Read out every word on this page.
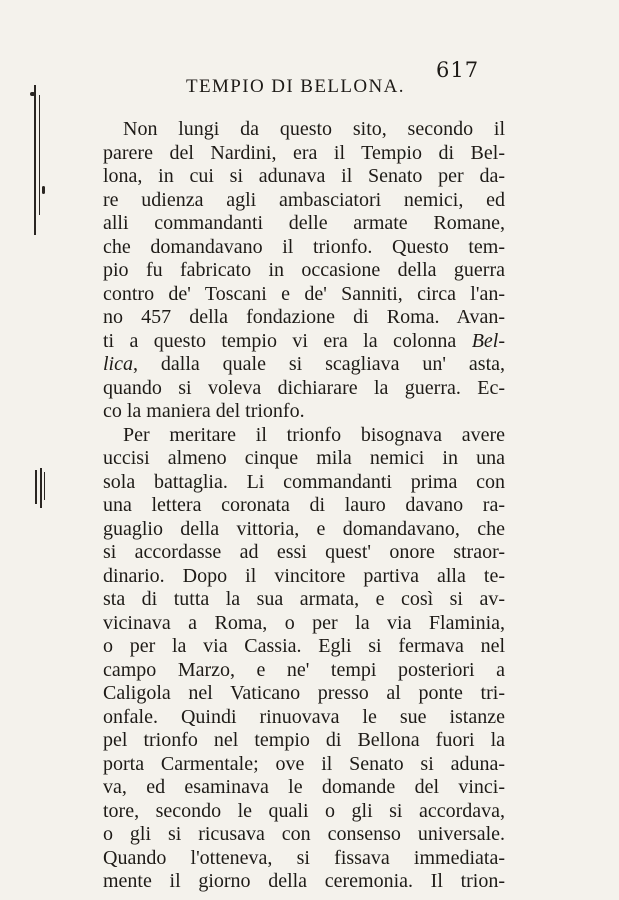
617
TEMPIO DI BELLONA.
Non lungi da questo sito, secondo il
parere del Nardini, era il Tempio di Bel-
lona, in cui si adunava il Senato per da-
re udienza agli ambasciatori nemici, ed
alli commandanti delle armate Romane,
che domandavano il trionfo. Questo tem-
pio fu fabricato in occasione della guerra
contro de' Toscani e de' Sanniti, circa l'an-
no 457 della fondazione di Roma. Avan-
ti a questo tempio vi era la colonna Bel-
lica, dalla quale si scagliava un' asta,
quando si voleva dichiarare la guerra. Ec-
co la maniera del trionfo.
Per meritare il trionfo bisognava avere
uccisi almeno cinque mila nemici in una
sola battaglia. Li commandanti prima con
una lettera coronata di lauro davano ra-
guaglio della vittoria, e domandavano, che
si accordasse ad essi quest' onore straor-
dinario. Dopo il vincitore partiva alla te-
sta di tutta la sua armata, e così si av-
vicinava a Roma, o per la via Flaminia,
o per la via Cassia. Egli si fermava nel
campo Marzo, e ne' tempi posteriori a
Caligola nel Vaticano presso al ponte tri-
onfale. Quindi rinuovava le sue istanze
pel trionfo nel tempio di Bellona fuori la
porta Carmentale; ove il Senato si aduna-
va, ed esaminava le domande del vinci-
tore, secondo le quali o gli si accordava,
o gli si ricusava con consenso universale.
Quando l'otteneva, si fissava immediata-
mente il giorno della ceremonia. Il trion-
